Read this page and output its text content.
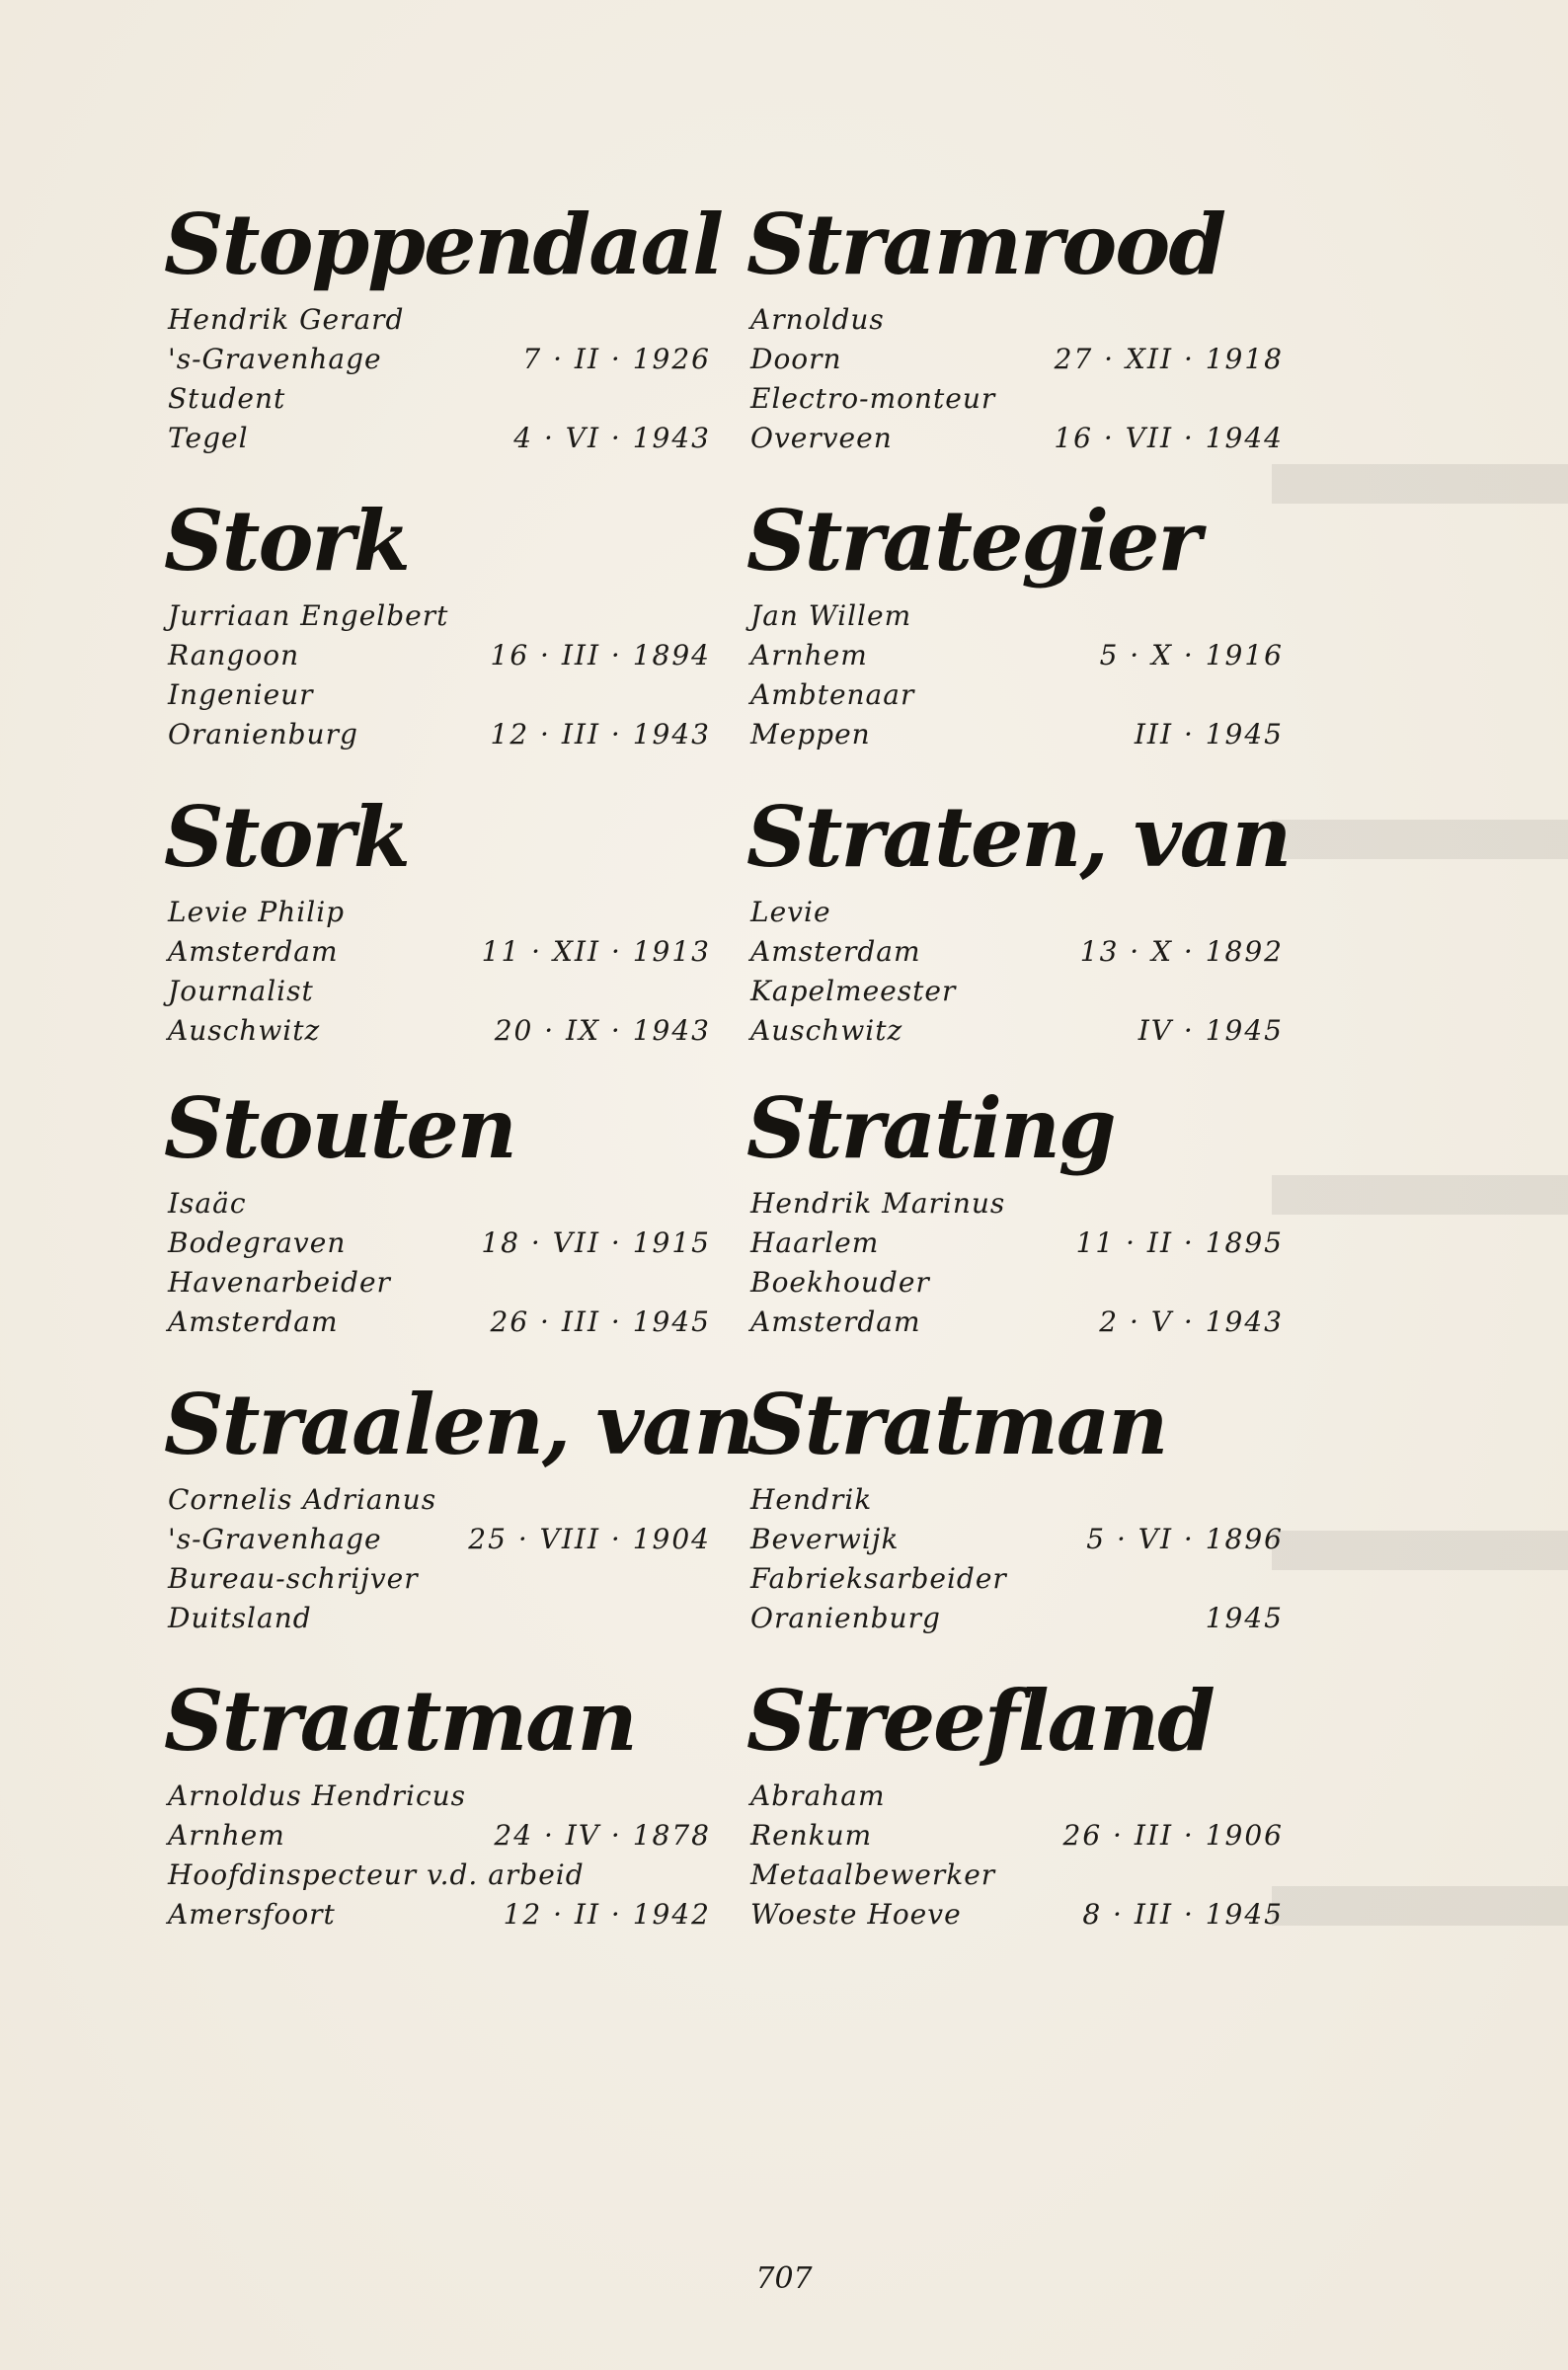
Stoppendaal
Hendrik Gerard
's-Gravenhage	7 · II · 1926
Student
Tegel	4 · VI · 1943
Stork
Jurriaan Engelbert
Rangoon	16 · III · 1894
Ingenieur
Oranienburg	12 · III · 1943
Stork
Levie Philip
Amsterdam	11 · XII · 1913
Journalist
Auschwitz	20 · IX · 1943
Stouten
Isaäc
Bodegraven	18 · VII · 1915
Havenarbeider
Amsterdam	26 · III · 1945
Straalen, van
Cornelis Adrianus
's-Gravenhage	25 · VIII · 1904
Bureau-schrijver
Duitsland
Straatman
Arnoldus Hendricus
Arnhem	24 · IV · 1878
Hoofdinspecteur v.d. arbeid
Amersfoort	12 · II · 1942
Stramrood
Arnoldus
Doorn	27 · XII · 1918
Electro-monteur
Overveen	16 · VII · 1944
Strategier
Jan Willem
Arnhem	5 · X · 1916
Ambtenaar
Meppen	III · 1945
Straten, van
Levie
Amsterdam	13 · X · 1892
Kapelmeester
Auschwitz	IV · 1945
Strating
Hendrik Marinus
Haarlem	11 · II · 1895
Boekhouder
Amsterdam	2 · V · 1943
Stratman
Hendrik
Beverwijk	5 · VI · 1896
Fabrieksarbeider
Oranienburg	1945
Streefland
Abraham
Renkum	26 · III · 1906
Metaalbewerker
Woeste Hoeve	8 · III · 1945
707
